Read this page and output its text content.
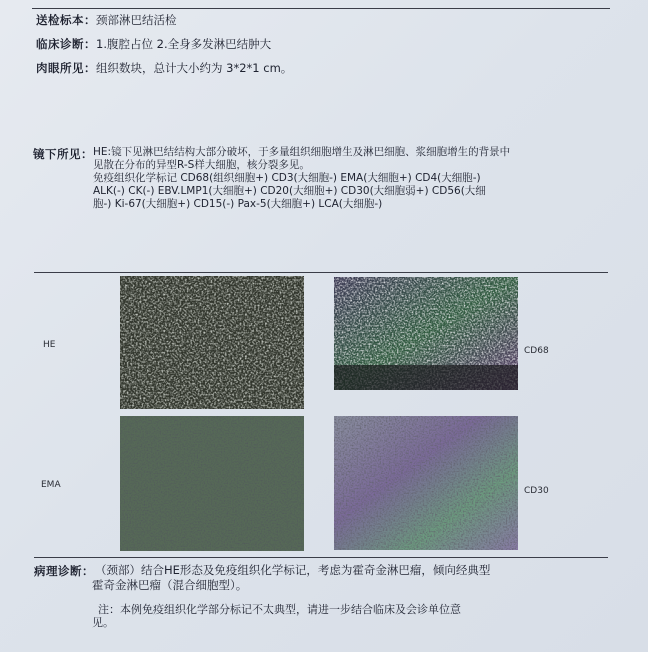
送检标本：颈部淋巴结活检
临床诊断：1.腹腔占位 2.全身多发淋巴结肿大
肉眼所见：组织数块，总计大小约为 3*2*1 cm。
镜下所见： HE:镜下见淋巴结结构大部分破坏，于多量组织细胞增生及淋巴细胞、浆细胞增生的背景中
见散在分布的异型R-S样大细胞，核分裂多见。
免疫组织化学标记 CD68(组织细胞+) CD3(大细胞-) EMA(大细胞+) CD4(大细胞-)
ALK(-) CK(-) EBV.LMP1(大细胞+) CD20(大细胞+) CD30(大细胞弱+) CD56(大细
胞-) Ki-67(大细胞+) CD15(-) Pax-5(大细胞+) LCA(大细胞-)
HE
CD68
EMA
CD30
病理诊断： （颈部）结合HE形态及免疫组织化学标记，考虑为霍奇金淋巴瘤，倾向经典型
霍奇金淋巴瘤（混合细胞型）。
注：本例免疫组织化学部分标记不太典型，请进一步结合临床及会诊单位意
见。
